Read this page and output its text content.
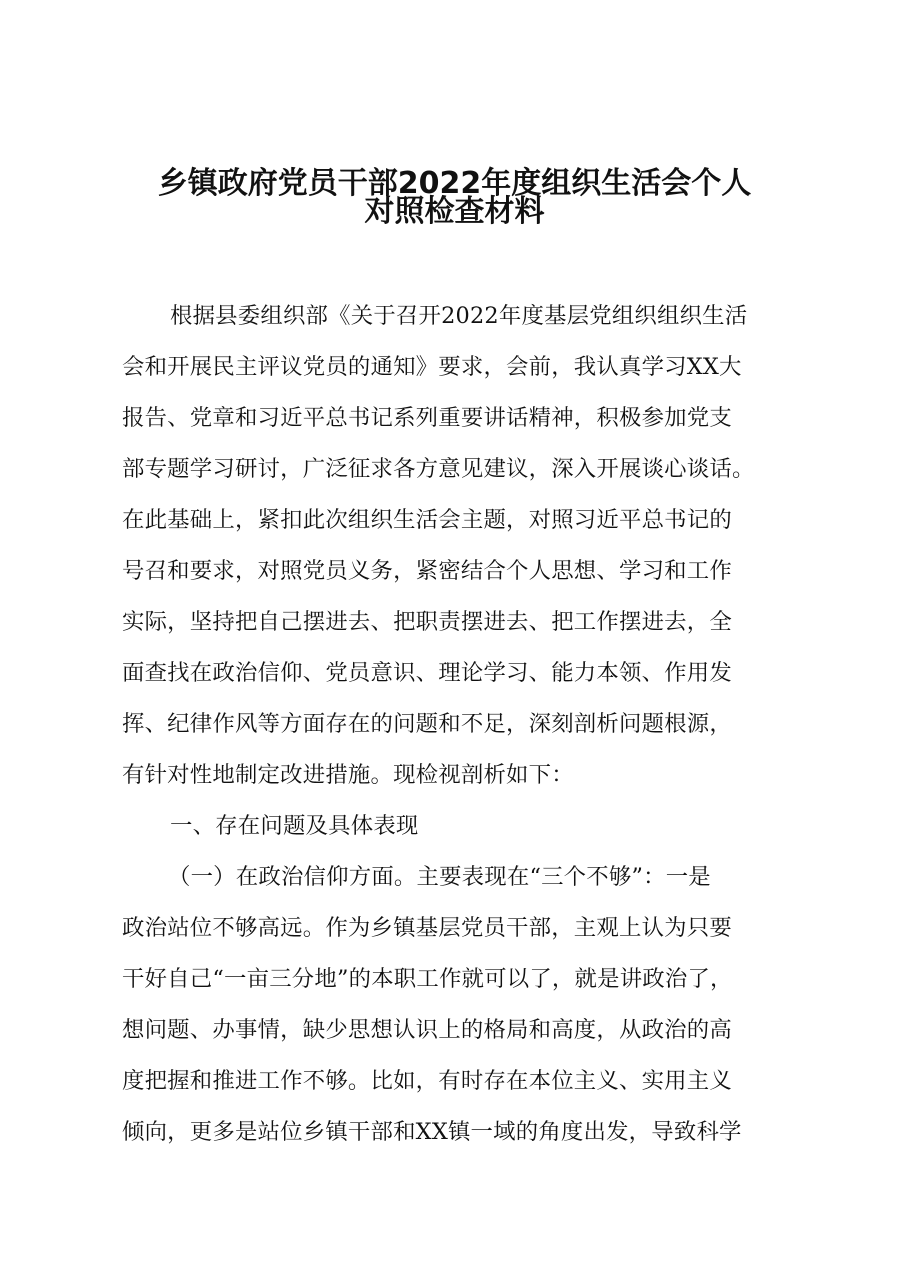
乡镇政府党员干部2022年度组织生活会个人
对照检查材料
根据县委组织部《关于召开2022年度基层党组织组织生活
会和开展民主评议党员的通知》要求，会前，我认真学习XX大
报告、党章和习近平总书记系列重要讲话精神，积极参加党支
部专题学习研讨，广泛征求各方意见建议，深入开展谈心谈话。
在此基础上，紧扣此次组织生活会主题，对照习近平总书记的
号召和要求，对照党员义务，紧密结合个人思想、学习和工作
实际，坚持把自己摆进去、把职责摆进去、把工作摆进去，全
面查找在政治信仰、党员意识、理论学习、能力本领、作用发
挥、纪律作风等方面存在的问题和不足，深刻剖析问题根源，
有针对性地制定改进措施。现检视剖析如下：
一、存在问题及具体表现
（一）在政治信仰方面。主要表现在“三个不够”：一是
政治站位不够高远。作为乡镇基层党员干部，主观上认为只要
干好自己“一亩三分地”的本职工作就可以了，就是讲政治了，
想问题、办事情，缺少思想认识上的格局和高度，从政治的高
度把握和推进工作不够。比如，有时存在本位主义、实用主义
倾向，更多是站位乡镇干部和XX镇一域的角度出发，导致科学
